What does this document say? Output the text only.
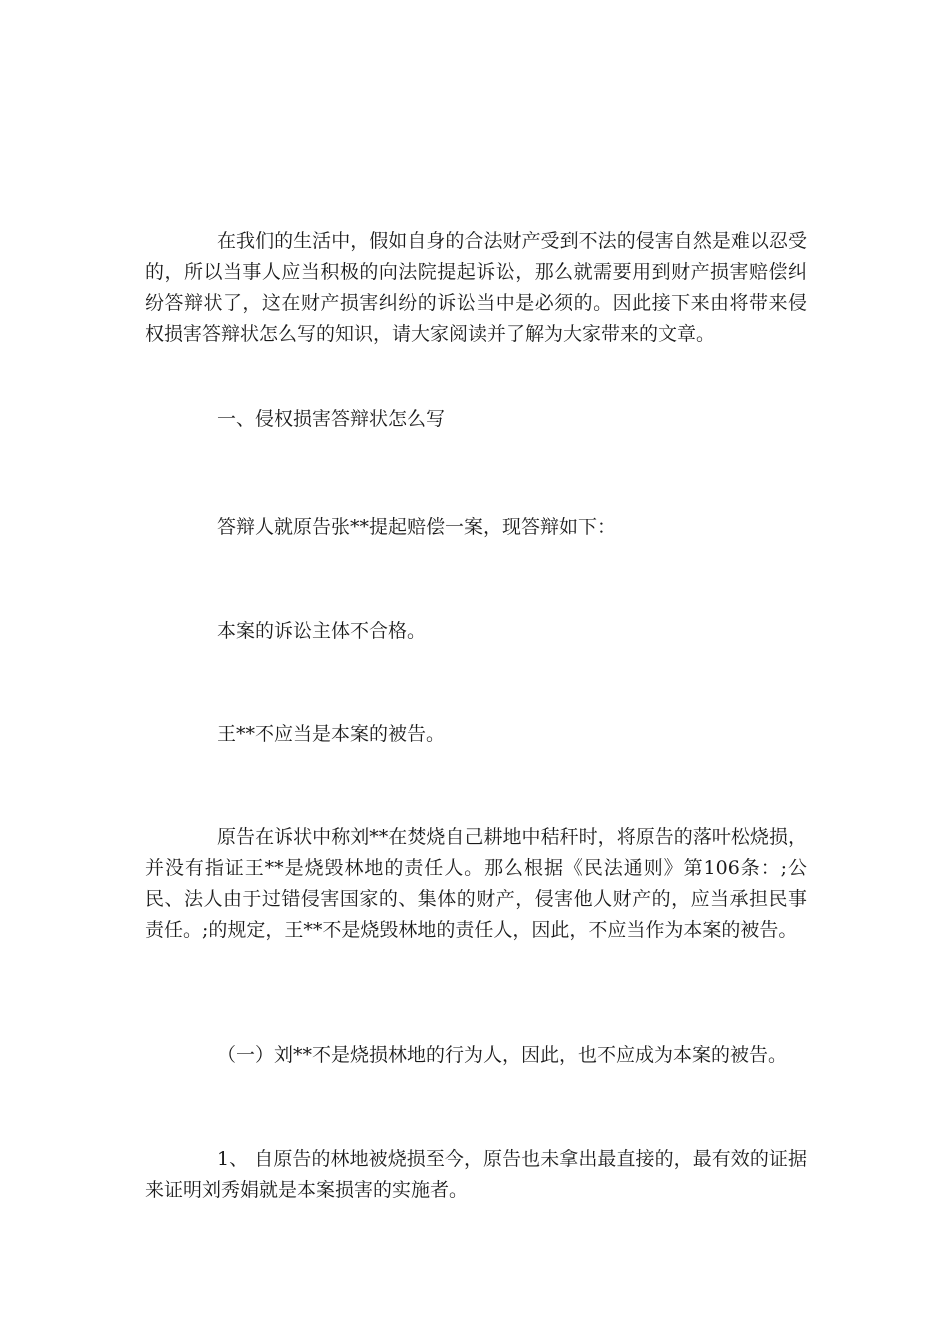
在我们的生活中，假如自身的合法财产受到不法的侵害自然是难以忍受的，所以当事人应当积极的向法院提起诉讼，那么就需要用到财产损害赔偿纠纷答辩状了，这在财产损害纠纷的诉讼当中是必须的。因此接下来由将带来侵权损害答辩状怎么写的知识，请大家阅读并了解为大家带来的文章。

一、侵权损害答辩状怎么写

答辩人就原告张**提起赔偿一案，现答辩如下：

本案的诉讼主体不合格。

王**不应当是本案的被告。

原告在诉状中称刘**在焚烧自己耕地中秸秆时，将原告的落叶松烧损，并没有指证王**是烧毁林地的责任人。那么根据《民法通则》第106条：;公民、法人由于过错侵害国家的、集体的财产，侵害他人财产的，应当承担民事责任。;的规定，王**不是烧毁林地的责任人，因此，不应当作为本案的被告。

（一）刘**不是烧损林地的行为人，因此，也不应成为本案的被告。

1、 自原告的林地被烧损至今，原告也未拿出最直接的，最有效的证据来证明刘秀娟就是本案损害的实施者。
